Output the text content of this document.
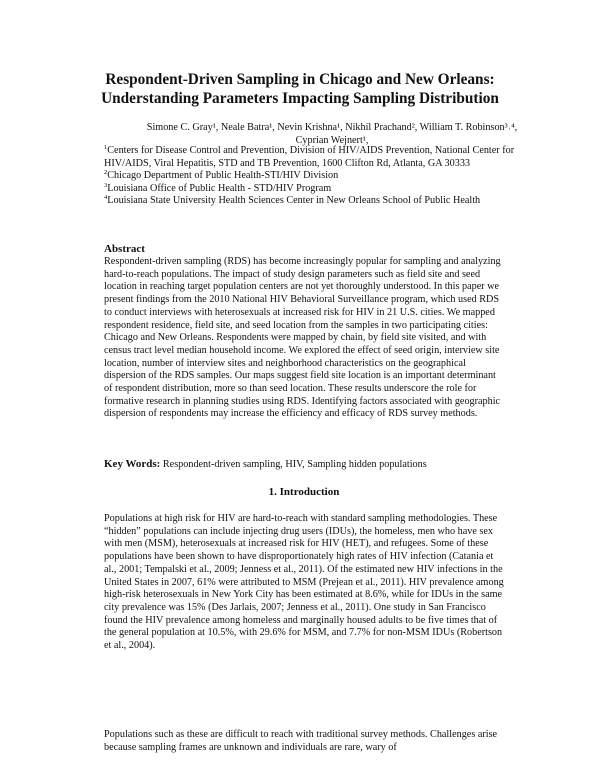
Respondent-Driven Sampling in Chicago and New Orleans:
Understanding Parameters Impacting Sampling Distribution
Simone C. Gray¹, Neale Batra¹, Nevin Krishna¹, Nikhil Prachand², William T. Robinson³˒⁴,
Cyprian Wejnert¹,

$^1$Centers for Disease Control and Prevention, Division of HIV/AIDS Prevention, National Center for HIV/AIDS, Viral Hepatitis, STD and TB Prevention, 1600 Clifton Rd, Atlanta, GA 30333

$^2$Chicago Department of Public Health-STI/HIV Division

$^3$Louisiana Office of Public Health - STD/HIV Program

$^4$Louisiana State University Health Sciences Center in New Orleans School of Public Health

Abstract

Respondent-driven sampling (RDS) has become increasingly popular for sampling and analyzing hard-to-reach populations. The impact of study design parameters such as field site and seed location in reaching target population centers are not yet thoroughly understood. In this paper we present findings from the 2010 National HIV Behavioral Surveillance program, which used RDS to conduct interviews with heterosexuals at increased risk for HIV in 21 U.S. cities. We mapped respondent residence, field site, and seed location from the samples in two participating cities: Chicago and New Orleans. Respondents were mapped by chain, by field site visited, and with census tract level median household income. We explored the effect of seed origin, interview site location, number of interview sites and neighborhood characteristics on the geographical dispersion of the RDS samples. Our maps suggest field site location is an important determinant of respondent distribution, more so than seed location. These results underscore the role for formative research in planning studies using RDS. Identifying factors associated with geographic dispersion of respondents may increase the efficiency and efficacy of RDS survey methods.

Key Words: Respondent-driven sampling, HIV, Sampling hidden populations

1. Introduction

Populations at high risk for HIV are hard-to-reach with standard sampling methodologies. These “hidden” populations can include injecting drug users (IDUs), the homeless, men who have sex with men (MSM), heterosexuals at increased risk for HIV (HET), and refugees. Some of these populations have been shown to have disproportionately high rates of HIV infection (Catania et al., 2001; Tempalski et al., 2009; Jenness et al., 2011). Of the estimated new HIV infections in the United States in 2007, 61% were attributed to MSM (Prejean et al., 2011). HIV prevalence among high-risk heterosexuals in New York City has been estimated at 8.6%, while for IDUs in the same city prevalence was 15% (Des Jarlais, 2007; Jenness et al., 2011). One study in San Francisco found the HIV prevalence among homeless and marginally housed adults to be five times that of the general population at 10.5%, with 29.6% for MSM, and 7.7% for non-MSM IDUs (Robertson et al., 2004).

Populations such as these are difficult to reach with traditional survey methods. Challenges arise because sampling frames are unknown and individuals are rare, wary of
